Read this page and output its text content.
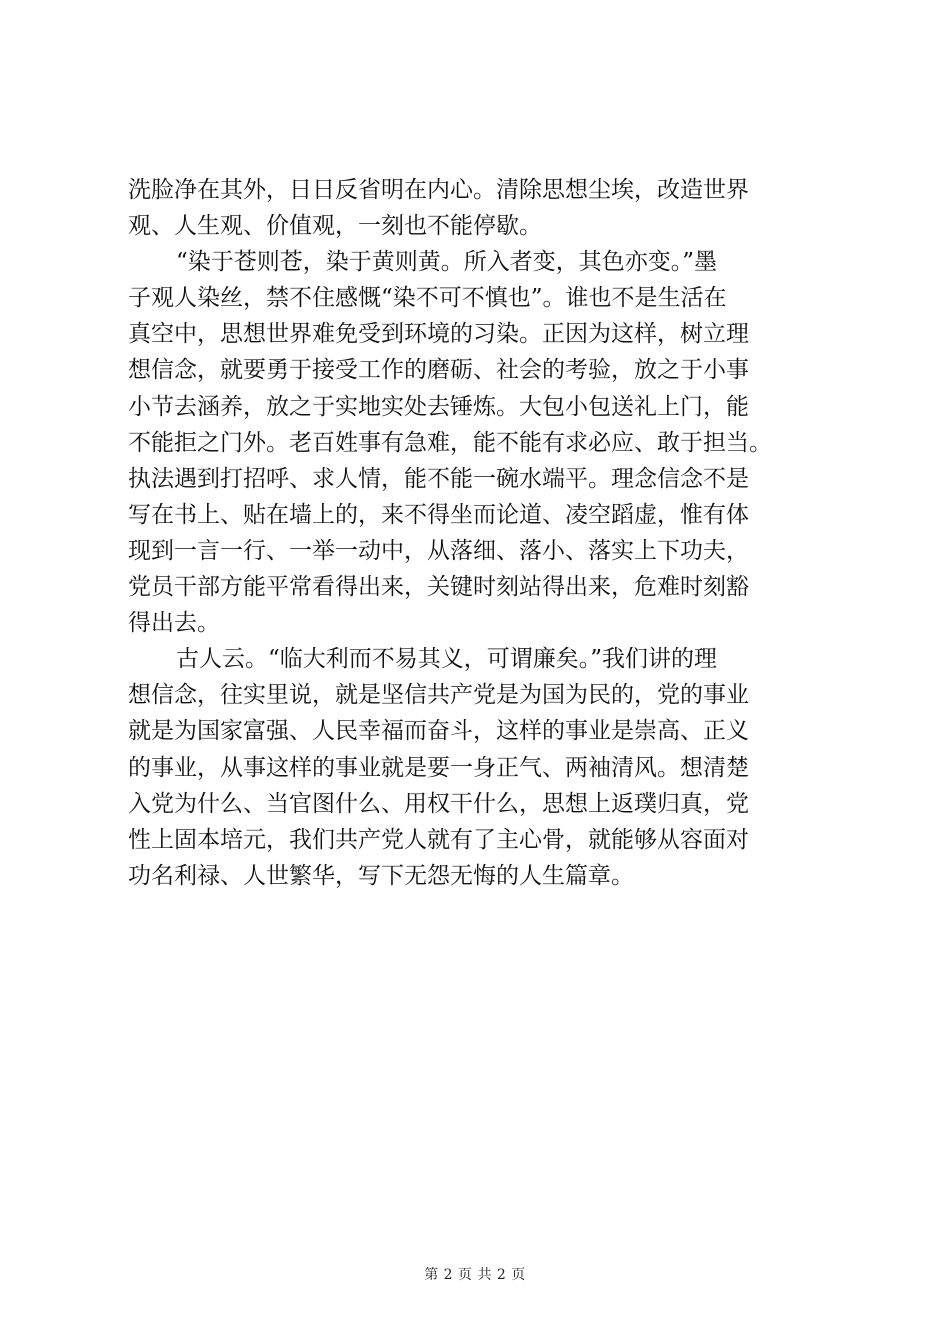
洗脸净在其外，日日反省明在内心。清除思想尘埃，改造世界
观、人生观、价值观，一刻也不能停歇。
“染于苍则苍，染于黄则黄。所入者变，其色亦变。”墨
子观人染丝，禁不住感慨“染不可不慎也”。谁也不是生活在
真空中，思想世界难免受到环境的习染。正因为这样，树立理
想信念，就要勇于接受工作的磨砺、社会的考验，放之于小事
小节去涵养，放之于实地实处去锤炼。大包小包送礼上门，能
不能拒之门外。老百姓事有急难，能不能有求必应、敢于担当。
执法遇到打招呼、求人情，能不能一碗水端平。理念信念不是
写在书上、贴在墙上的，来不得坐而论道、凌空蹈虚，惟有体
现到一言一行、一举一动中，从落细、落小、落实上下功夫，
党员干部方能平常看得出来，关键时刻站得出来，危难时刻豁
得出去。
古人云。“临大利而不易其义，可谓廉矣。”我们讲的理
想信念，往实里说，就是坚信共产党是为国为民的，党的事业
就是为国家富强、人民幸福而奋斗，这样的事业是崇高、正义
的事业，从事这样的事业就是要一身正气、两袖清风。想清楚
入党为什么、当官图什么、用权干什么，思想上返璞归真，党
性上固本培元，我们共产党人就有了主心骨，就能够从容面对
功名利禄、人世繁华，写下无怨无悔的人生篇章。
第 2 页 共 2 页
